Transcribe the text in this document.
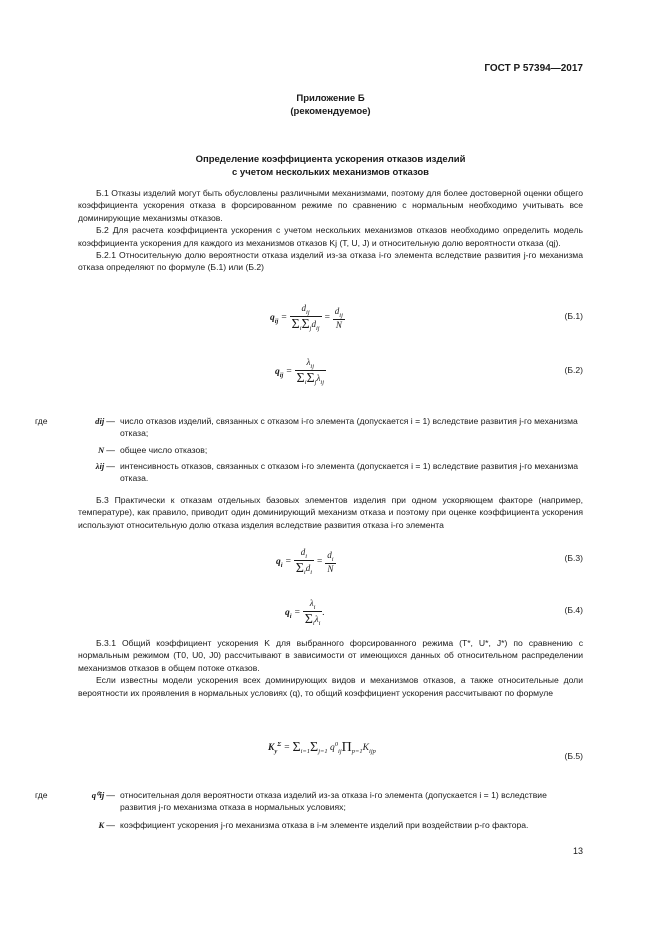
ГОСТ Р 57394—2017
Приложение Б
(рекомендуемое)
Определение коэффициента ускорения отказов изделий
с учетом нескольких механизмов отказов

Б.1 Отказы изделий могут быть обусловлены различными механизмами, поэтому для более достоверной оценки общего коэффициента ускорения отказа в форсированном режиме по сравнению с нормальным необходимо учитывать все доминирующие механизмы отказов.

Б.2 Для расчета коэффициента ускорения с учетом нескольких механизмов отказов необходимо определить модель коэффициента ускорения для каждого из механизмов отказов Kj (T, U, J) и относительную долю вероятности отказа (qj).

Б.2.1 Относительную долю вероятности отказа изделий из-за отказа i-го элемента вследствие развития j-го механизма отказа определяют по формуле (Б.1) или (Б.2)

$q_{ij} = \frac{d_{ij}}{\Sigma_i\Sigma_jd_{ij}} = \frac{d_{ij}}{N}$	(Б.1)
$q_{ij} = \frac{\lambda_{ij}}{\Sigma_i\Sigma_j\lambda_{ij}}$	(Б.2)
где	dij — число отказов изделий, связанных с отказом i-го элемента (допускается i = 1) вследствие развития j-го механизма отказа;
N — общее число отказов;
λij — интенсивность отказов, связанных с отказом i-го элемента (допускается i = 1) вследствие развития j-го механизма отказа.

Б.3 Практически к отказам отдельных базовых элементов изделия при одном ускоряющем факторе (например, температуре), как правило, приводит один доминирующий механизм отказа и поэтому при оценке коэффициента ускорения используют относительную долю отказа изделия вследствие развития отказа i-го элемента

$q_i = \frac{d_i}{\Sigma_id_i} = \frac{d_i}{N}$	(Б.3)
$q_i = \frac{\lambda_i}{\Sigma_i\lambda_i}$ .	(Б.4)

Б.3.1 Общий коэффициент ускорения K для выбранного форсированного режима (T*, U*, J*) по сравнению с нормальным режимом (T0, U0, J0) рассчитывают в зависимости от имеющихся данных об относительном распределении механизмов отказов в общем потоке отказов.

Если известны модели ускорения всех доминирующих видов и механизмов отказов, а также относительные доли вероятности их проявления в нормальных условиях (q), то общий коэффициент ускорения рассчитывают по формуле

$K_y^\Sigma = \Sigma_{i=1}\Sigma_{j=1}$ $q^0_{ij}\Pi_{p=1}K_{ijp}$	(Б.5)
где	q⁰ij — относительная доля вероятности отказа изделий из-за отказа i-го элемента (допускается i = 1) вследствие развития j-го механизма отказа в нормальных условиях;
K — коэффициент ускорения j-го механизма отказа в i-м элементе изделий при воздействии p-го фактора.
13
